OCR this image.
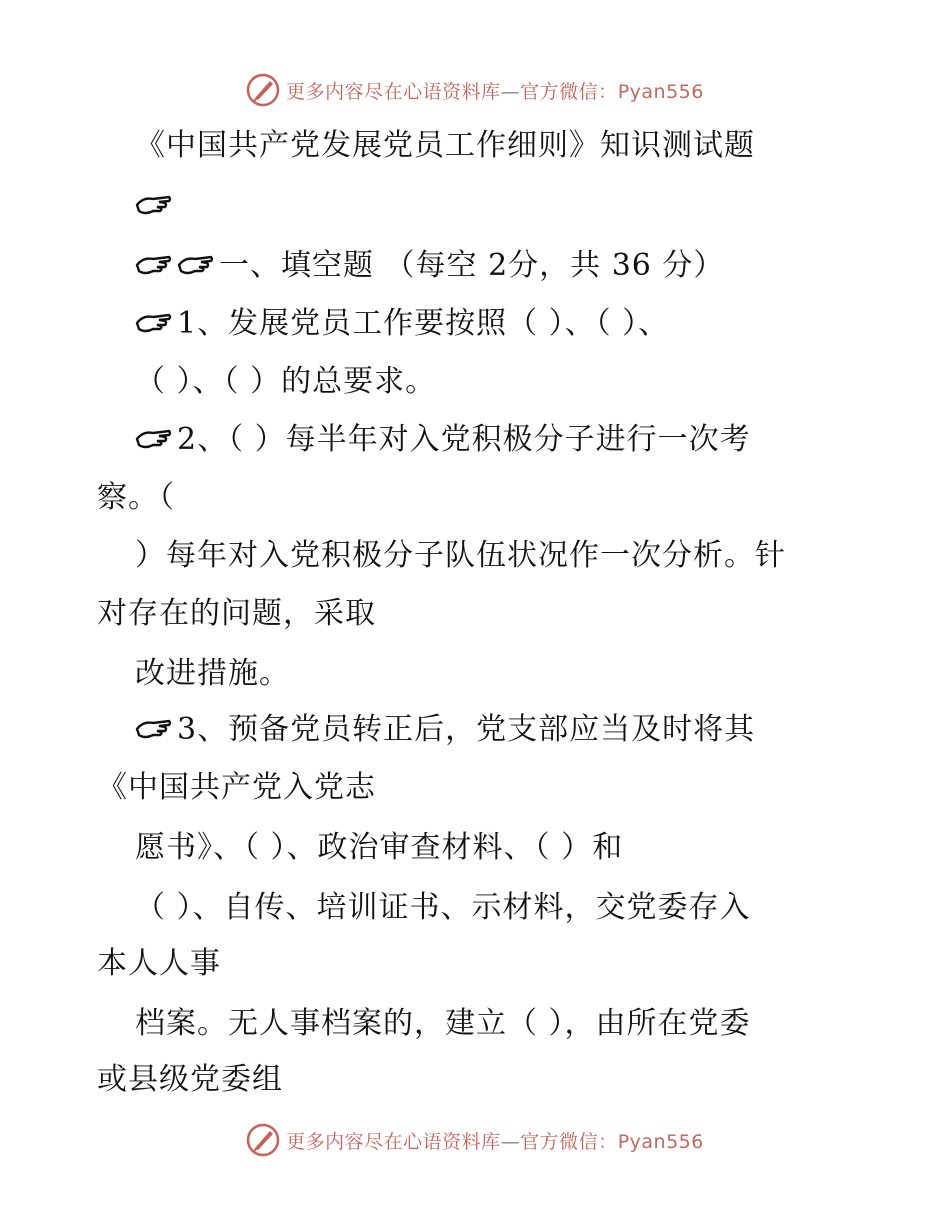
更多内容尽在心语资料库—官方微信：Pyan556
《中国共产党发展党员工作细则》知识测试题
一、填空题 （每空 2分，共 36 分）
1、发展党员工作要按照（ ）、（ ）、
（ ）、（ ）的总要求。
2、（ ）每半年对入党积极分子进行一次考
察。（
）每年对入党积极分子队伍状况作一次分析。针
对存在的问题，采取
改进措施。
3、预备党员转正后，党支部应当及时将其
《中国共产党入党志
愿书》、（ ）、政治审查材料、（ ）和
（ ）、自传、培训证书、示材料，交党委存入
本人人事
档案。无人事档案的，建立（ ），由所在党委
或县级党委组
更多内容尽在心语资料库—官方微信：Pyan556
